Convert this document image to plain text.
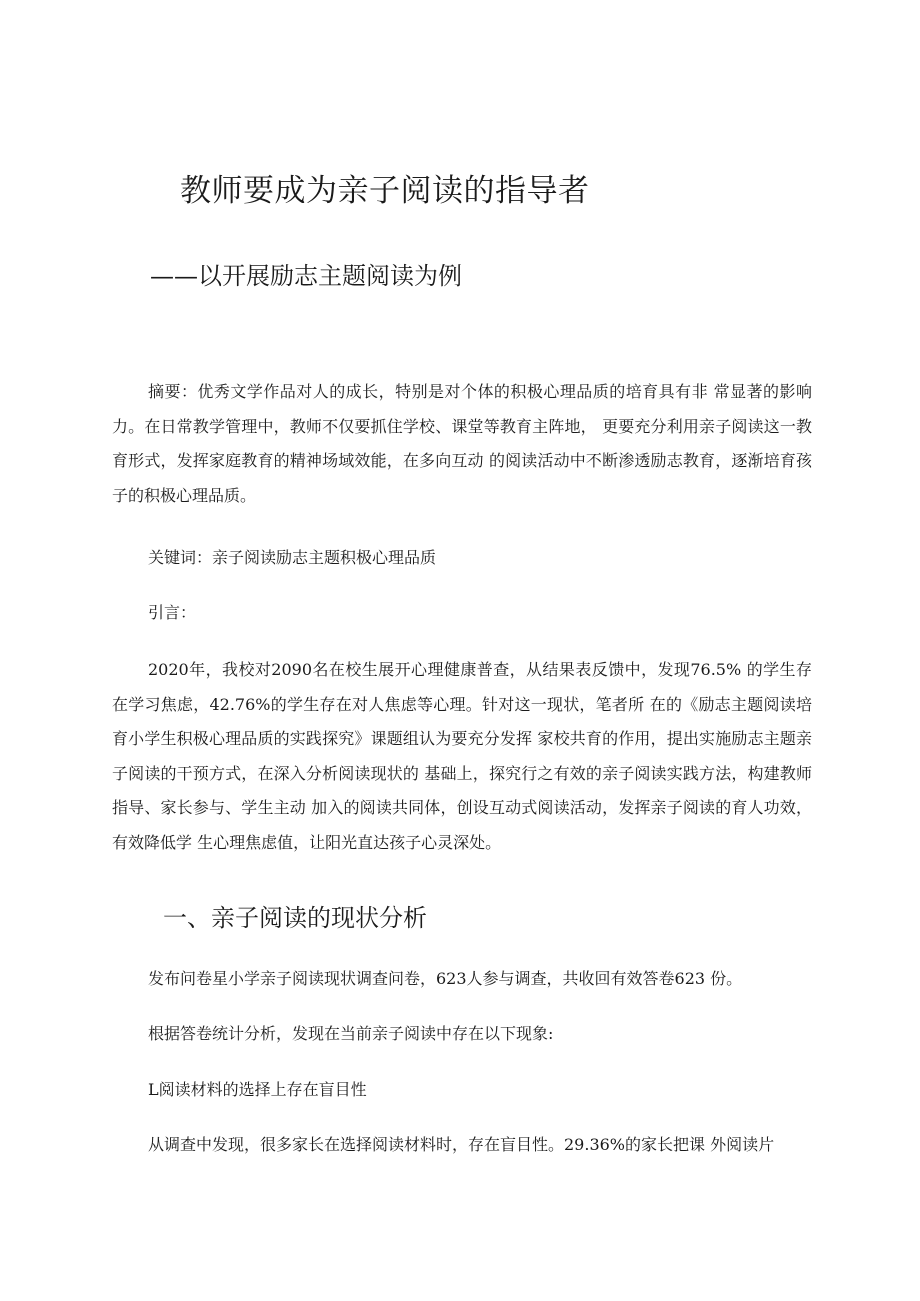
教师要成为亲子阅读的指导者
——以开展励志主题阅读为例

摘要：优秀文学作品对人的成长，特别是对个体的积极心理品质的培育具有非 常显著的影响力。在日常教学管理中，教师不仅要抓住学校、课堂等教育主阵地， 更要充分利用亲子阅读这一教育形式，发挥家庭教育的精神场域效能，在多向互动 的阅读活动中不断渗透励志教育，逐渐培育孩子的积极心理品质。

关键词：亲子阅读励志主题积极心理品质

引言：

2020年，我校对2090名在校生展开心理健康普查，从结果表反馈中，发现76.5% 的学生存在学习焦虑，42.76%的学生存在对人焦虑等心理。针对这一现状，笔者所 在的《励志主题阅读培育小学生积极心理品质的实践探究》课题组认为要充分发挥 家校共育的作用，提出实施励志主题亲子阅读的干预方式，在深入分析阅读现状的 基础上，探究行之有效的亲子阅读实践方法，构建教师指导、家长参与、学生主动 加入的阅读共同体，创设互动式阅读活动，发挥亲子阅读的育人功效，有效降低学 生心理焦虑值，让阳光直达孩子心灵深处。

一、亲子阅读的现状分析

发布问卷星小学亲子阅读现状调查问卷，623人参与调查，共收回有效答卷623 份。

根据答卷统计分析，发现在当前亲子阅读中存在以下现象:

L阅读材料的选择上存在盲目性

从调查中发现，很多家长在选择阅读材料时，存在盲目性。29.36%的家长把课 外阅读片
